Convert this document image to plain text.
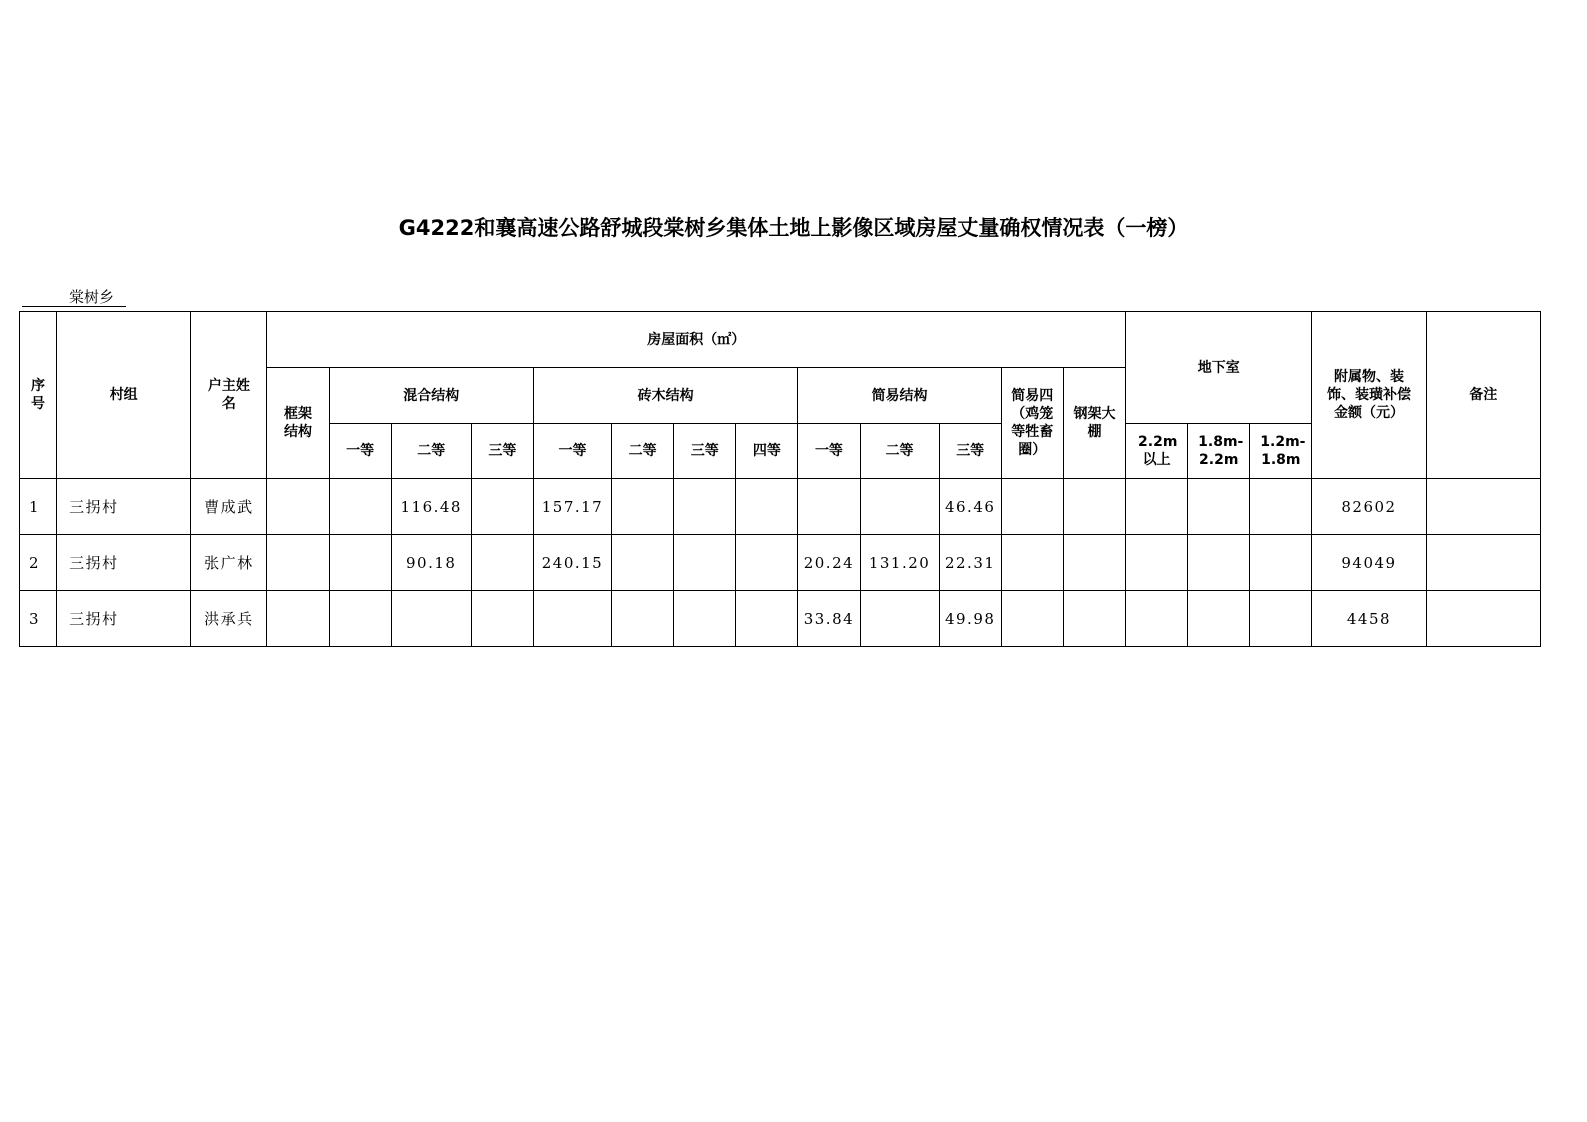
G4222和襄高速公路舒城段棠树乡集体土地上影像区域房屋丈量确权情况表（一榜）
棠树乡
序号	村组	户主姓名	房屋面积（㎡）													地下室			附属物、装饰、装璜补偿金额（元）	备注
			框架结构	混合结构			砖木结构				简易结构			简易四（鸡笼等牲畜圈）	钢架大棚					
				一等	二等	三等	一等	二等	三等	四等	一等	二等	三等			2.2m以上	1.8m-2.2m	1.2m-1.8m		
1	三拐村	曹成武			116.48		157.17						46.46						82602	
2	三拐村	张广林			90.18		240.15				20.24	131.20	22.31						94049	
3	三拐村	洪承兵									33.84		49.98						4458	
